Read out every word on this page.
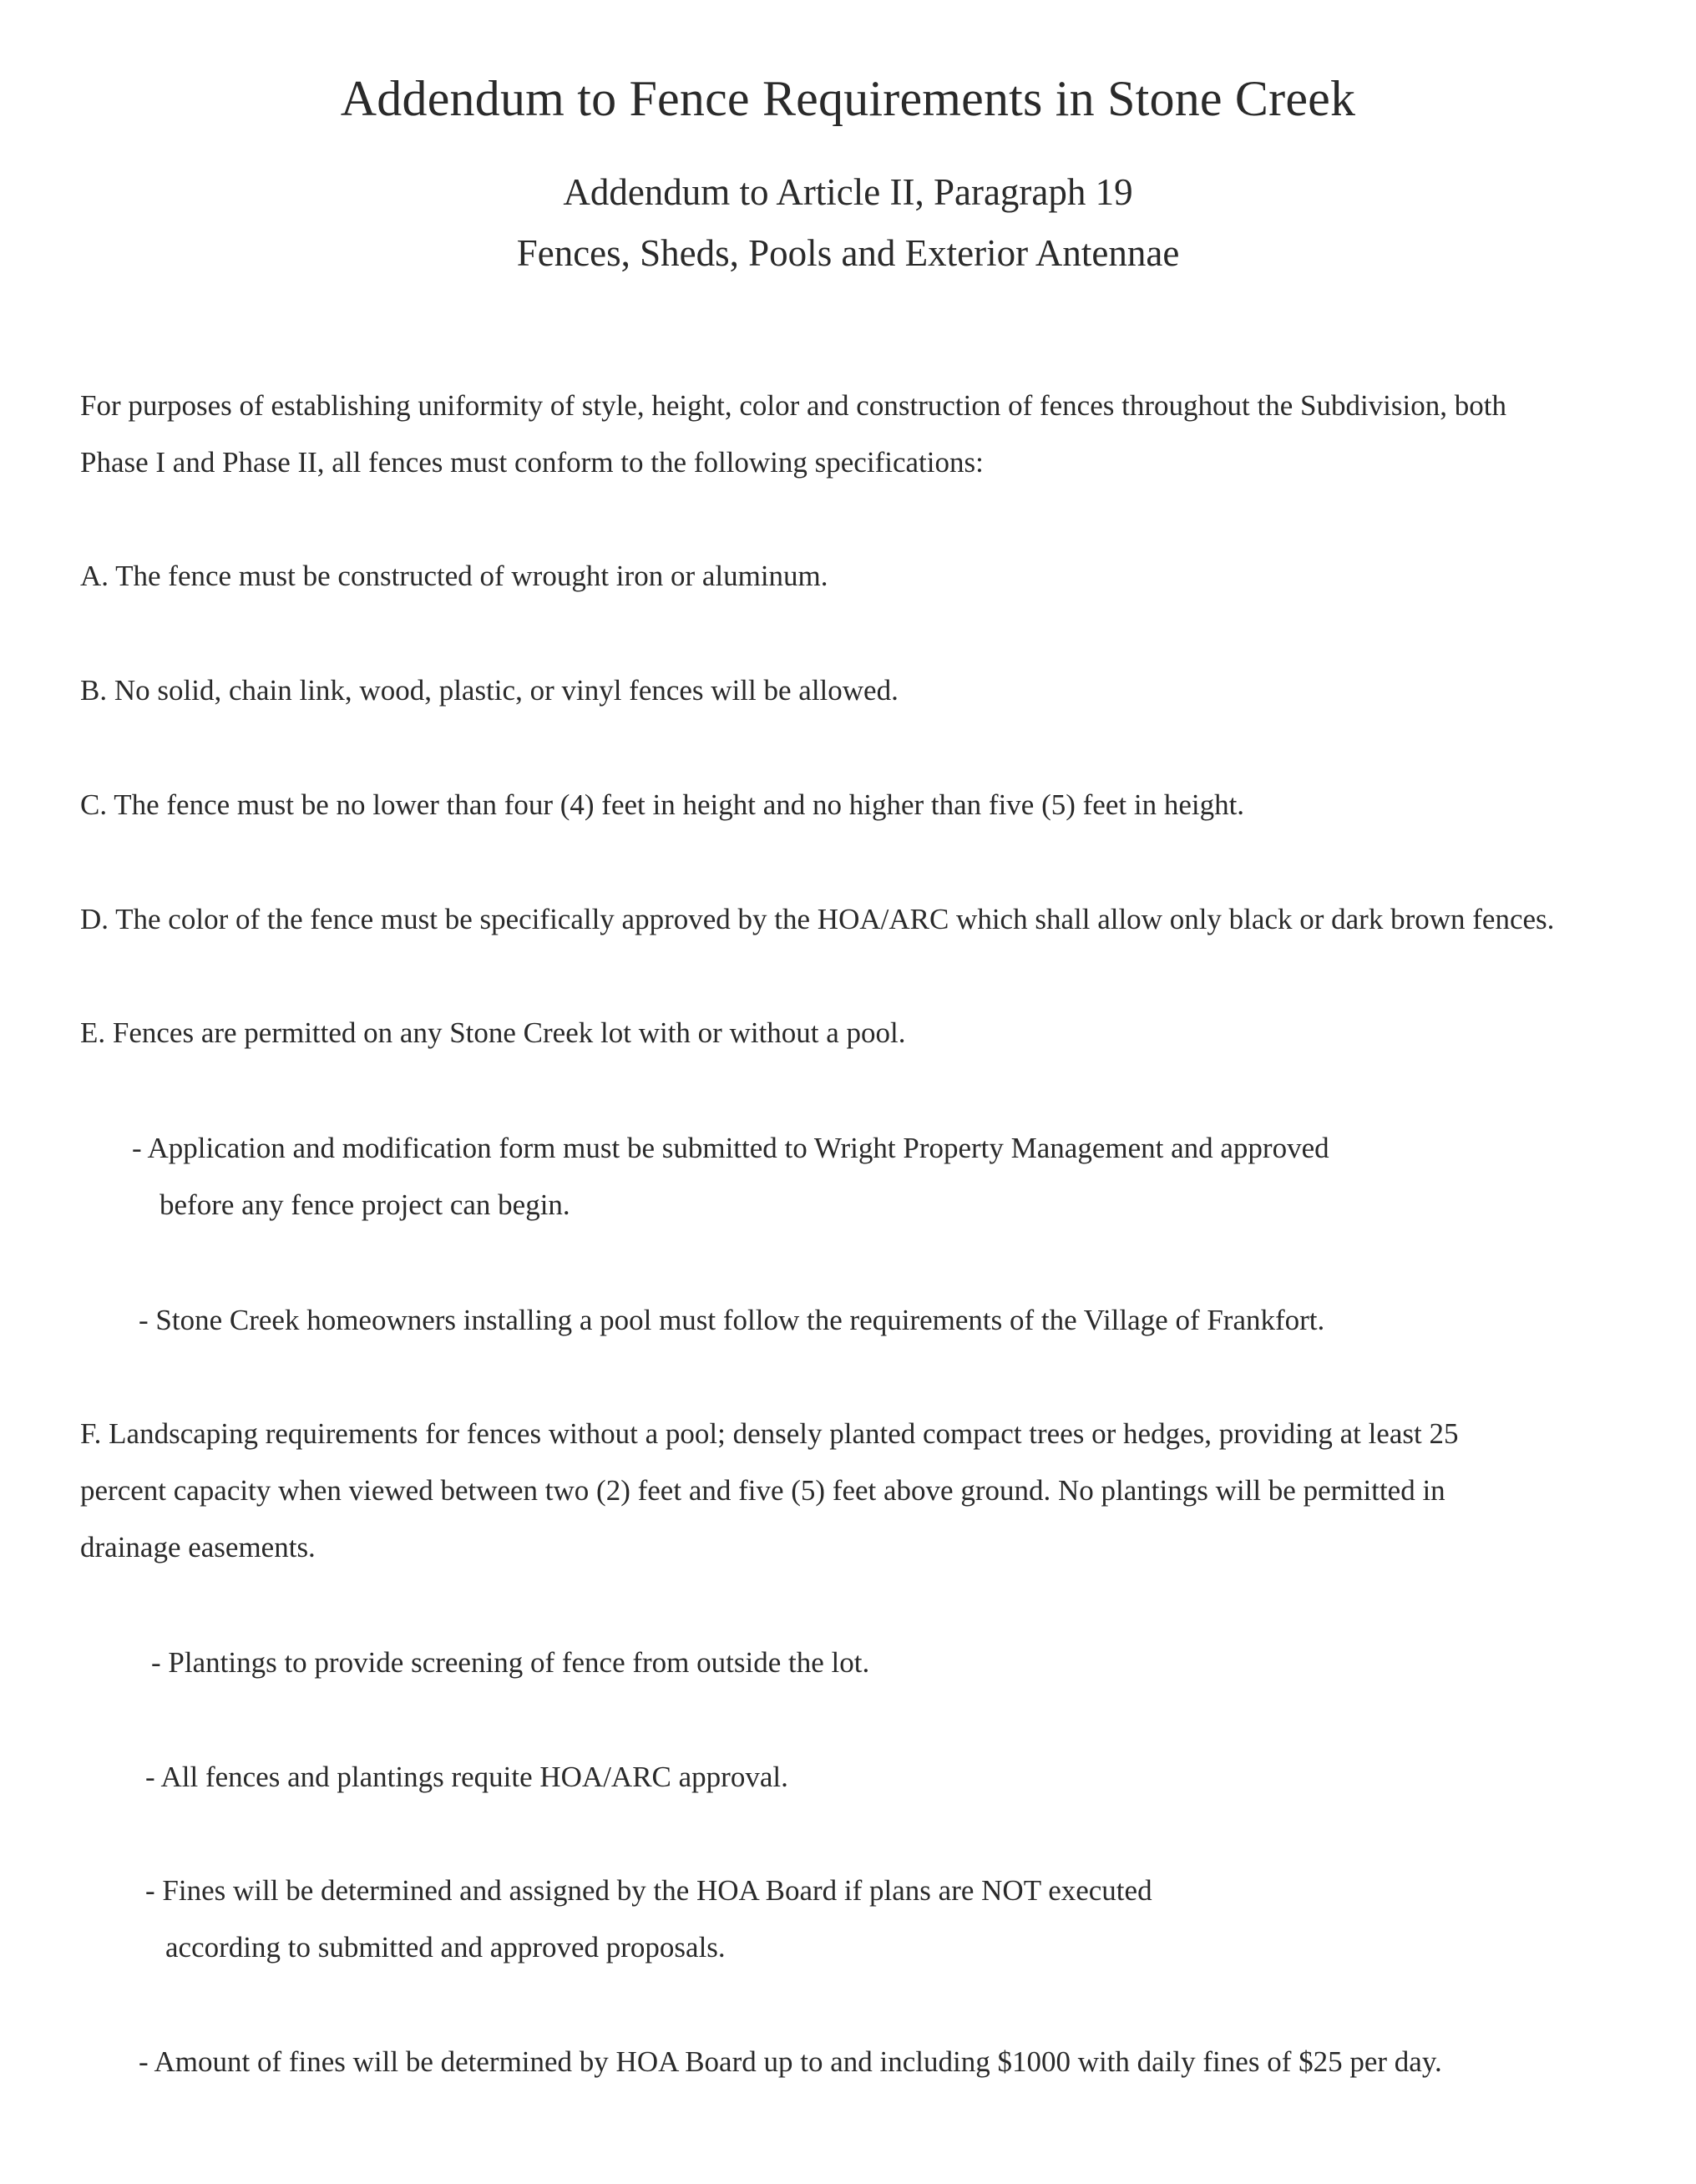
Addendum to Fence Requirements in Stone Creek
Addendum to Article II, Paragraph 19
Fences, Sheds, Pools and Exterior Antennae
For purposes of establishing uniformity of style, height, color and construction of fences throughout the Subdivision, both
Phase I and Phase II, all fences must conform to the following specifications:

A. The fence must be constructed of wrought iron or aluminum.

B. No solid, chain link, wood, plastic, or vinyl fences will be allowed.

C. The fence must be no lower than four (4) feet in height and no higher than five (5) feet in height.

D. The color of the fence must be specifically approved by the HOA/ARC which shall allow only black or dark brown fences.

E. Fences are permitted on any Stone Creek lot with or without a pool.

- Application and modification form must be submitted to Wright Property Management and approved
before any fence project can begin.

- Stone Creek homeowners installing a pool must follow the requirements of the Village of Frankfort.

F. Landscaping requirements for fences without a pool; densely planted compact trees or hedges, providing at least 25
percent capacity when viewed between two (2) feet and five (5) feet above ground. No plantings will be permitted in
drainage easements.

- Plantings to provide screening of fence from outside the lot.

- All fences and plantings requite HOA/ARC approval.

- Fines will be determined and assigned by the HOA Board if plans are NOT executed
according to submitted and approved proposals.

- Amount of fines will be determined by HOA Board up to and including $1000 with daily fines of $25 per day.
